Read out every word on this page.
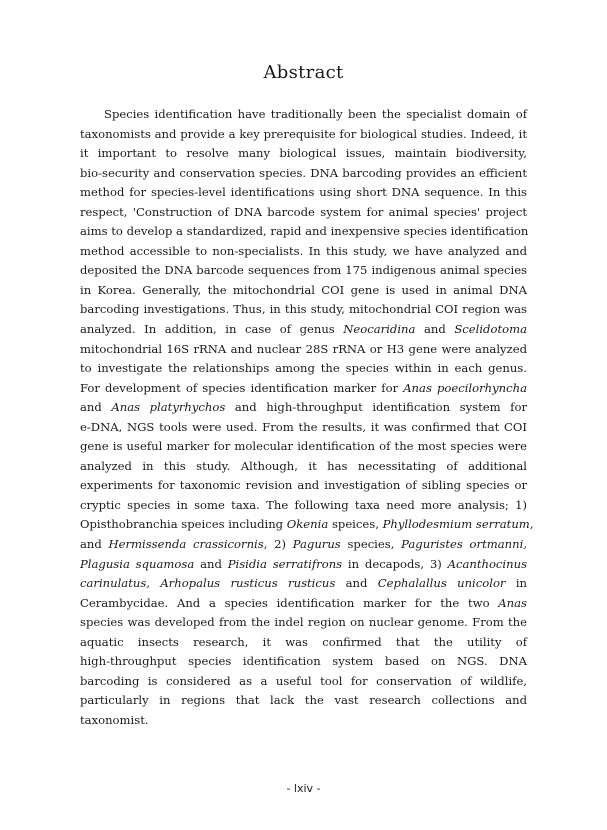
Abstract
Species identification have traditionally been the specialist domain of
taxonomists and provide a key prerequisite for biological studies. Indeed, it
it important to resolve many biological issues, maintain biodiversity,
bio-security and conservation species. DNA barcoding provides an efficient
method for species-level identifications using short DNA sequence. In this
respect, 'Construction of DNA barcode system for animal species' project
aims to develop a standardized, rapid and inexpensive species identification
method accessible to non-specialists. In this study, we have analyzed and
deposited the DNA barcode sequences from 175 indigenous animal species
in Korea. Generally, the mitochondrial COI gene is used in animal DNA
barcoding investigations. Thus, in this study, mitochondrial COI region was
analyzed. In addition, in case of genus Neocaridina and Scelidotoma
mitochondrial 16S rRNA and nuclear 28S rRNA or H3 gene were analyzed
to investigate the relationships among the species within in each genus.
For development of species identification marker for Anas poecilorhyncha
and Anas platyrhychos and high-throughput identification system for
e-DNA, NGS tools were used. From the results, it was confirmed that COI
gene is useful marker for molecular identification of the most species were
analyzed in this study. Although, it has necessitating of additional
experiments for taxonomic revision and investigation of sibling species or
cryptic species in some taxa. The following taxa need more analysis; 1)
Opisthobranchia speices including Okenia speices, Phyllodesmium serratum,
and Hermissenda crassicornis, 2) Pagurus species, Paguristes ortmanni,
Plagusia squamosa and Pisidia serratifrons in decapods, 3) Acanthocinus
carinulatus, Arhopalus rusticus rusticus and Cephalallus unicolor in
Cerambycidae. And a species identification marker for the two Anas
species was developed from the indel region on nuclear genome. From the
aquatic insects research, it was confirmed that the utility of
high-throughput species identification system based on NGS. DNA
barcoding is considered as a useful tool for conservation of wildlife,
particularly in regions that lack the vast research collections and
taxonomist.
- lxiv -
